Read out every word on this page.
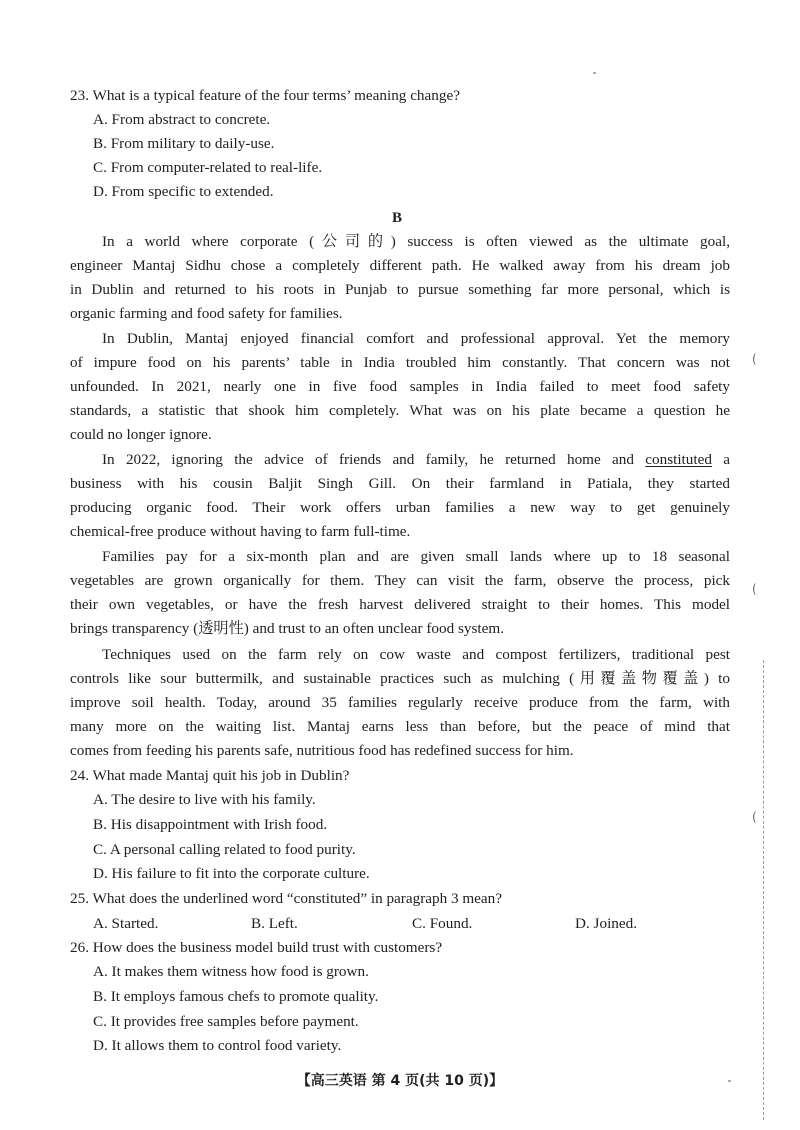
23. What is a typical feature of the four terms’ meaning change?
A. From abstract to concrete.
B. From military to daily-use.
C. From computer-related to real-life.
D. From specific to extended.
B
In a world where corporate (公司的) success is often viewed as the ultimate goal,
engineer Mantaj Sidhu chose a completely different path. He walked away from his dream job
in Dublin and returned to his roots in Punjab to pursue something far more personal, which is
organic farming and food safety for families.
In Dublin, Mantaj enjoyed financial comfort and professional approval. Yet the memory
of impure food on his parents’ table in India troubled him constantly. That concern was not
unfounded. In 2021, nearly one in five food samples in India failed to meet food safety
standards, a statistic that shook him completely. What was on his plate became a question he
could no longer ignore.
In 2022, ignoring the advice of friends and family, he returned home and constituted a
business with his cousin Baljit Singh Gill. On their farmland in Patiala, they started
producing organic food. Their work offers urban families a new way to get genuinely
chemical-free produce without having to farm full-time.
Families pay for a six-month plan and are given small lands where up to 18 seasonal
vegetables are grown organically for them. They can visit the farm, observe the process, pick
their own vegetables, or have the fresh harvest delivered straight to their homes. This model
brings transparency (透明性) and trust to an often unclear food system.
Techniques used on the farm rely on cow waste and compost fertilizers, traditional pest
controls like sour buttermilk, and sustainable practices such as mulching (用覆盖物覆盖) to
improve soil health. Today, around 35 families regularly receive produce from the farm, with
many more on the waiting list. Mantaj earns less than before, but the peace of mind that
comes from feeding his parents safe, nutritious food has redefined success for him.
24. What made Mantaj quit his job in Dublin?
A. The desire to live with his family.
B. His disappointment with Irish food.
C. A personal calling related to food purity.
D. His failure to fit into the corporate culture.
25. What does the underlined word “constituted” in paragraph 3 mean?
A. Started.	B. Left.	C. Found.	D. Joined.
26. How does the business model build trust with customers?
A. It makes them witness how food is grown.
B. It employs famous chefs to promote quality.
C. It provides free samples before payment.
D. It allows them to control food variety.
【高三英语 第 4 页(共 10 页)】
(
(
(
